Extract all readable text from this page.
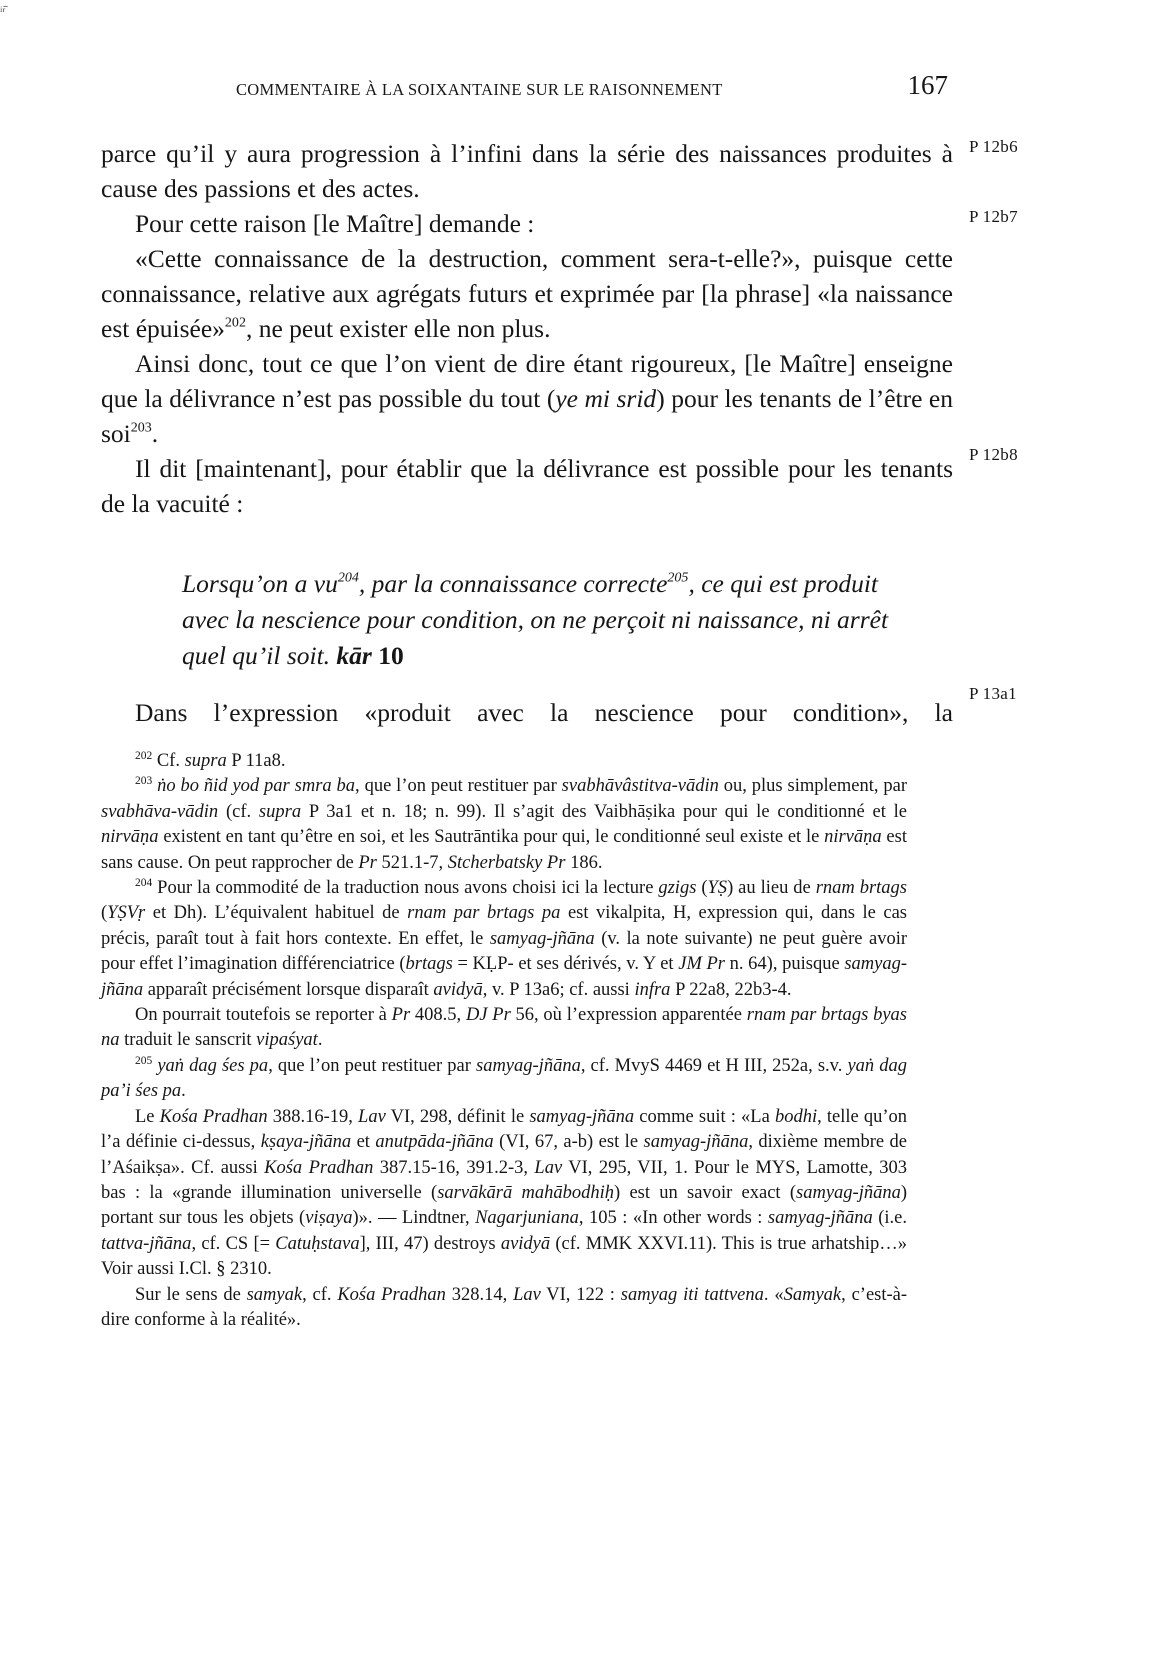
ᵢᵣ̵
COMMENTAIRE À LA SOIXANTAINE SUR LE RAISONNEMENT	167
P 12b6
P 12b7
P 12b8
P 13a1

parce qu’il y aura progression à l’infini dans la série des naissances produites à cause des passions et des actes.

Pour cette raison [le Maître] demande :

«Cette connaissance de la destruction, comment sera-t-elle?», puisque cette connaissance, relative aux agrégats futurs et exprimée par [la phrase] «la naissance est épuisée»$^{202}$, ne peut exister elle non plus.

Ainsi donc, tout ce que l’on vient de dire étant rigoureux, [le Maître] enseigne que la délivrance n’est pas possible du tout (ye mi srid) pour les tenants de l’être en soi$^{203}$.

Il dit [maintenant], pour établir que la délivrance est possible pour les tenants de la vacuité :

Lorsqu’on a $vu^{204}$, par la connaissance correcte$^{205}$, ce qui est produit avec la nescience pour condition, on ne perçoit ni naissance, ni arrêt quel qu’il soit. kār 10
Dans l’expression «produit avec la nescience pour condition», la

$^{202}$ Cf. supra P 11a8.

$^{203}$ ṅo bo ñid yod par smra ba, que l’on peut restituer par svabhāvâstitva-vādin ou, plus simplement, par svabhāva-vādin (cf. supra P 3a1 et n. 18; n. 99). Il s’agit des Vaibhāṣika pour qui le conditionné et le nirvāṇa existent en tant qu’être en soi, et les Sautrāntika pour qui, le conditionné seul existe et le nirvāṇa est sans cause. On peut rapprocher de Pr 521.1-7, Stcherbatsky Pr 186.

$^{204}$ Pour la commodité de la traduction nous avons choisi ici la lecture gzigs (YṢ) au lieu de rnam brtags (YṢVṛ et Dh). L’équivalent habituel de rnam par brtags pa est vikalpita, H, expression qui, dans le cas précis, paraît tout à fait hors contexte. En effet, le samyag-jñāna (v. la note suivante) ne peut guère avoir pour effet l’imagination différenciatrice (brtags = KḶP- et ses dérivés, v. Y et JM Pr n. 64), puisque samyag-jñāna apparaît précisément lorsque disparaît avidyā, v. P 13a6; cf. aussi infra P 22a8, 22b3-4.

On pourrait toutefois se reporter à Pr 408.5, DJ Pr 56, où l’expression apparentée rnam par brtags byas na traduit le sanscrit vipaśyat.

$^{205}$ yaṅ dag śes pa, que l’on peut restituer par samyag-jñāna, cf. MvyS 4469 et H III, 252a, s.v. yaṅ dag pa’i śes pa.

Le Kośa Pradhan 388.16-19, Lav VI, 298, définit le samyag-jñāna comme suit : «La bodhi, telle qu’on l’a définie ci-dessus, kṣaya-jñāna et anutpāda-jñāna (VI, 67, a-b) est le samyag-jñāna, dixième membre de l’Aśaikṣa». Cf. aussi Kośa Pradhan 387.15-16, 391.2-3, Lav VI, 295, VII, 1. Pour le MYS, Lamotte, 303 bas : la «grande illumination universelle (sarvākārā mahābodhiḥ) est un savoir exact (samyag-jñāna) portant sur tous les objets (viṣaya)». — Lindtner, Nagarjuniana, 105 : «In other words : samyag-jñāna (i.e. tattva-jñāna, cf. CS [= Catuḥstava], III, 47) destroys avidyā (cf. MMK XXVI.11). This is true arhatship…» Voir aussi I.Cl. § 2310.

Sur le sens de samyak, cf. Kośa Pradhan 328.14, Lav VI, 122 : samyag iti tattvena. «Samyak, c’est-à-dire conforme à la réalité».
